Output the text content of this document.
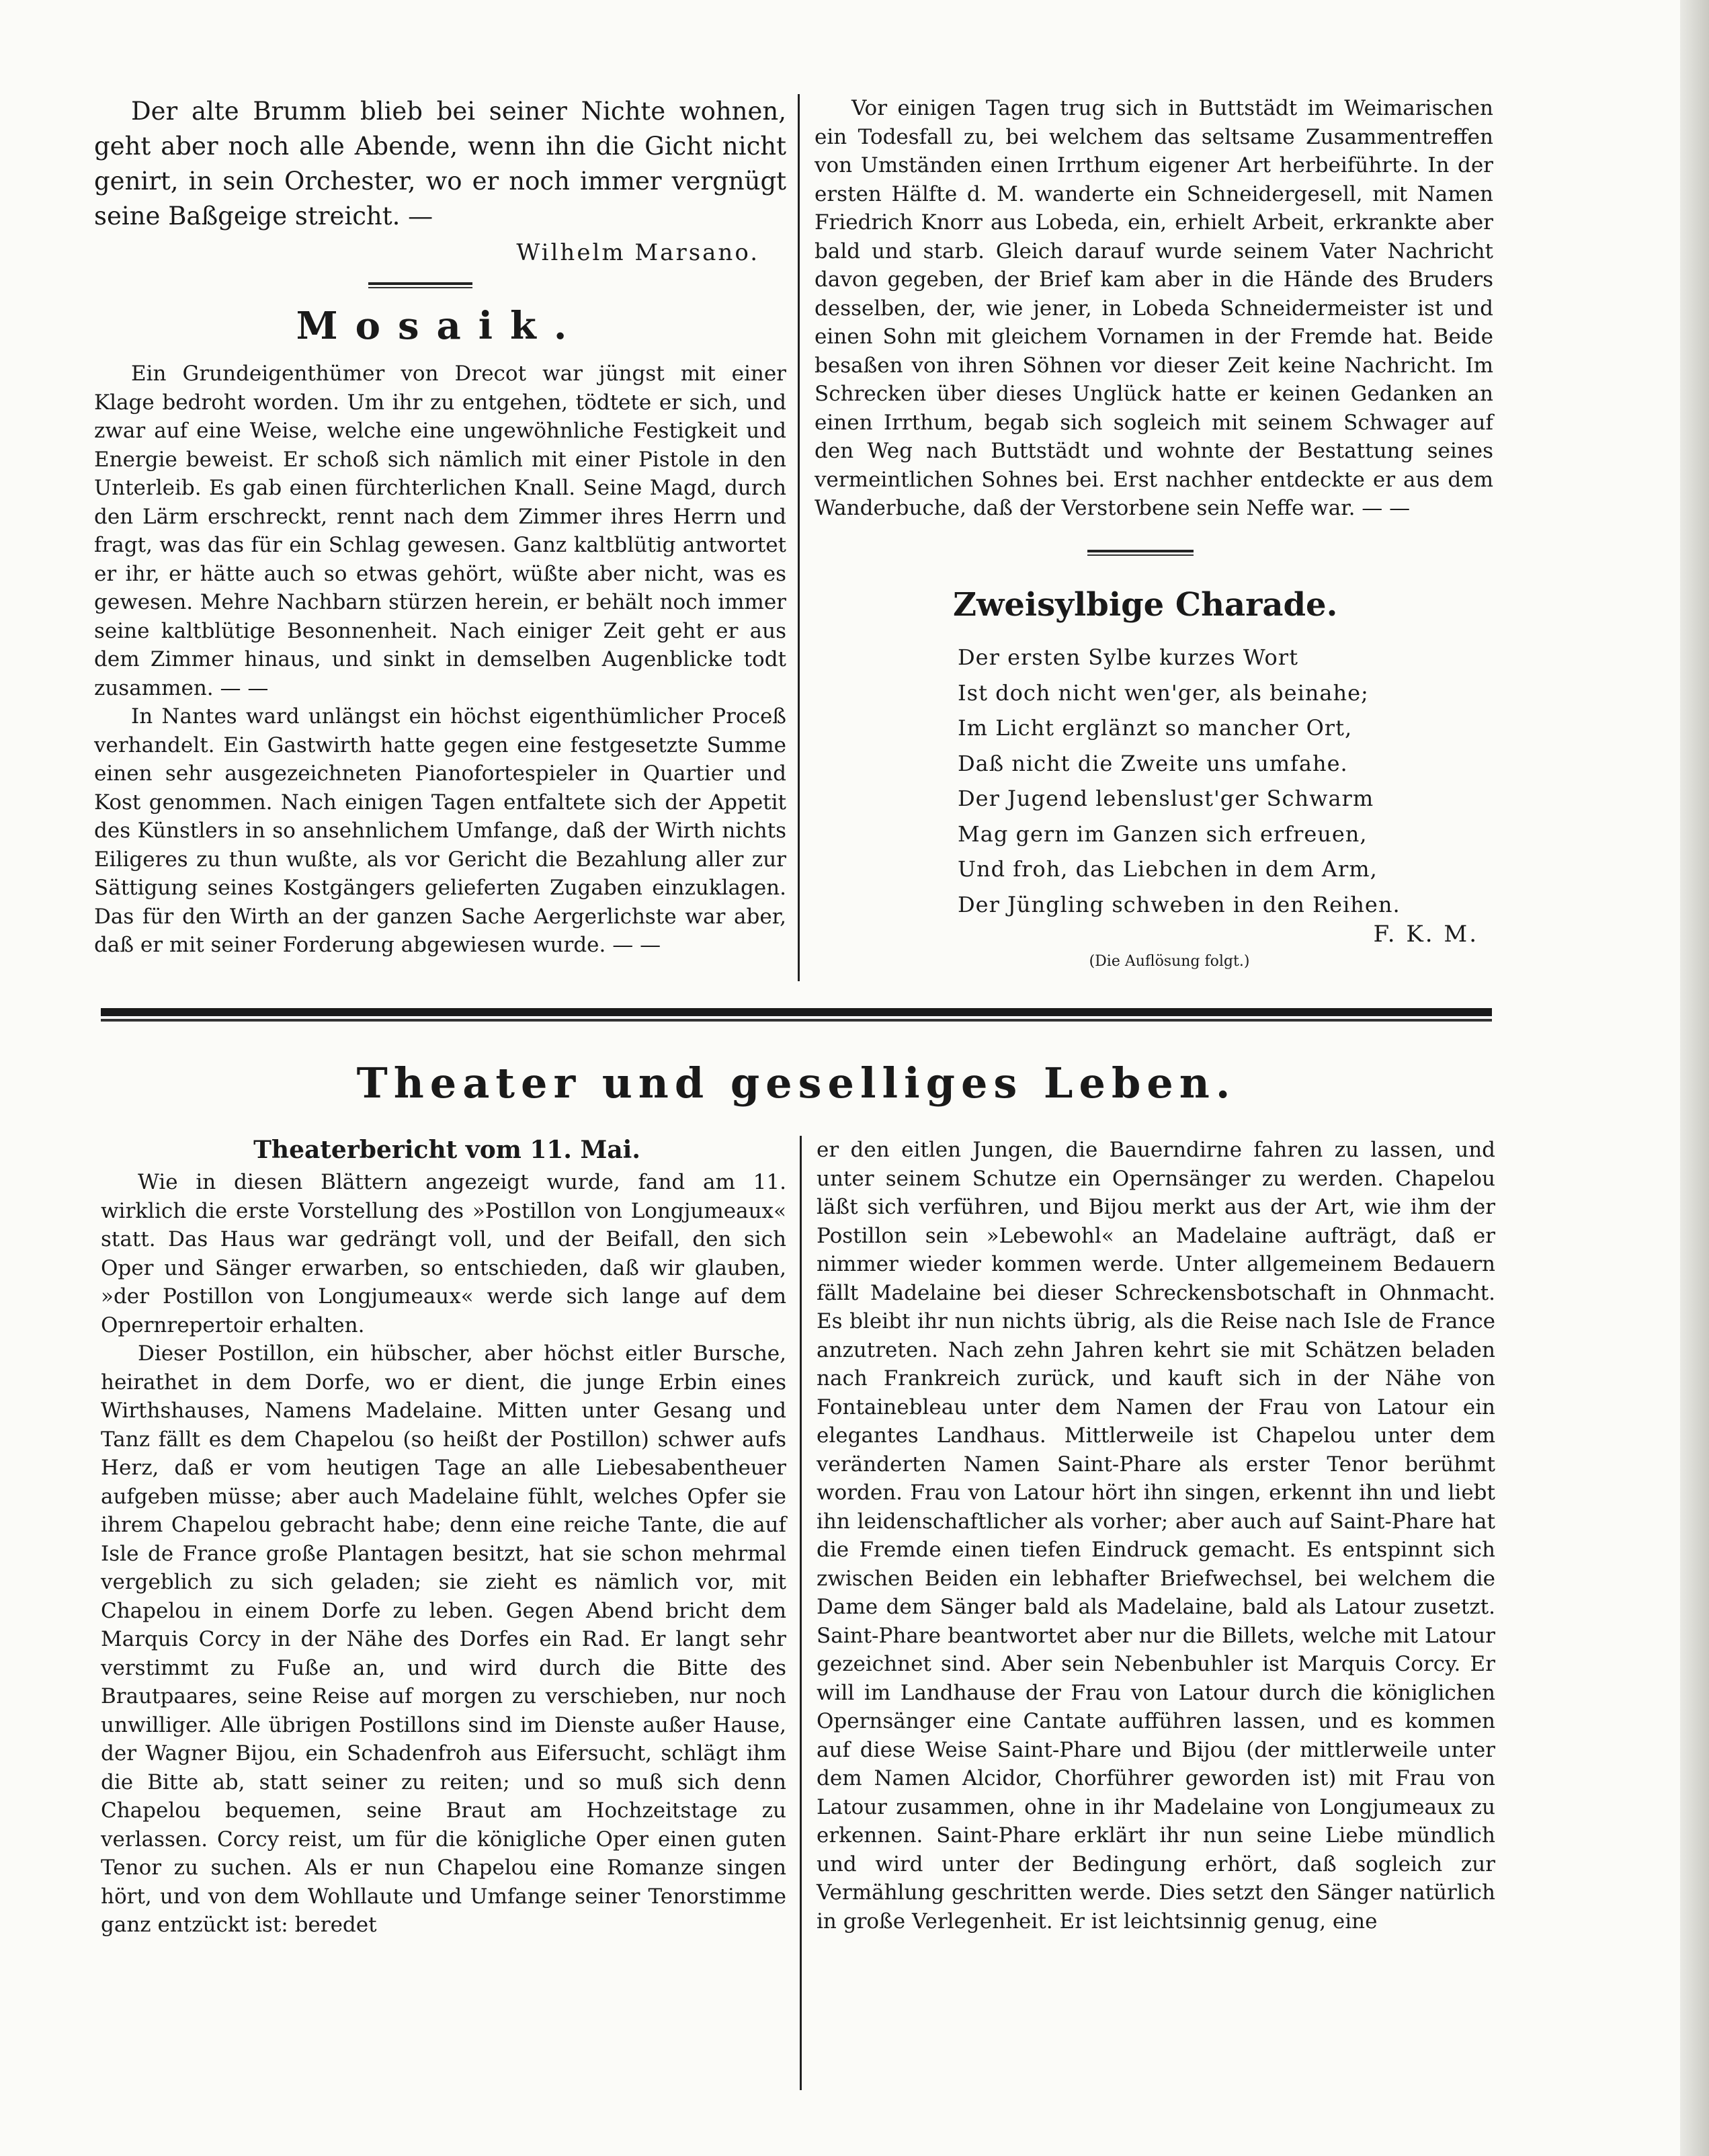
Der alte Brumm blieb bei seiner Nichte wohnen, geht aber noch alle Abende, wenn ihn die Gicht nicht genirt, in sein Orchester, wo er noch immer vergnügt seine Baßgeige streicht. —

Wilhelm Marsano.
Mosaik.

Ein Grundeigenthümer von Drecot war jüngst mit einer Klage bedroht worden. Um ihr zu entgehen, tödtete er sich, und zwar auf eine Weise, welche eine ungewöhnliche Festigkeit und Energie beweist. Er schoß sich nämlich mit einer Pistole in den Unterleib. Es gab einen fürchterlichen Knall. Seine Magd, durch den Lärm erschreckt, rennt nach dem Zimmer ihres Herrn und fragt, was das für ein Schlag gewesen. Ganz kaltblütig antwortet er ihr, er hätte auch so etwas gehört, wüßte aber nicht, was es gewesen. Mehre Nachbarn stürzen herein, er behält noch immer seine kaltblütige Besonnenheit. Nach einiger Zeit geht er aus dem Zimmer hinaus, und sinkt in demselben Augenblicke todt zusammen. — —

In Nantes ward unlängst ein höchst eigenthümlicher Proceß verhandelt. Ein Gastwirth hatte gegen eine festgesetzte Summe einen sehr ausgezeichneten Pianofortespieler in Quartier und Kost genommen. Nach einigen Tagen entfaltete sich der Appetit des Künstlers in so ansehnlichem Umfange, daß der Wirth nichts Eiligeres zu thun wußte, als vor Gericht die Bezahlung aller zur Sättigung seines Kostgängers gelieferten Zugaben einzuklagen. Das für den Wirth an der ganzen Sache Aergerlichste war aber, daß er mit seiner Forderung abgewiesen wurde. — —

Vor einigen Tagen trug sich in Buttstädt im Weimarischen ein Todesfall zu, bei welchem das seltsame Zusammentreffen von Umständen einen Irrthum eigener Art herbeiführte. In der ersten Hälfte d. M. wanderte ein Schneidergesell, mit Namen Friedrich Knorr aus Lobeda, ein, erhielt Arbeit, erkrankte aber bald und starb. Gleich darauf wurde seinem Vater Nachricht davon gegeben, der Brief kam aber in die Hände des Bruders desselben, der, wie jener, in Lobeda Schneidermeister ist und einen Sohn mit gleichem Vornamen in der Fremde hat. Beide besaßen von ihren Söhnen vor dieser Zeit keine Nachricht. Im Schrecken über dieses Unglück hatte er keinen Gedanken an einen Irrthum, begab sich sogleich mit seinem Schwager auf den Weg nach Buttstädt und wohnte der Bestattung seines vermeintlichen Sohnes bei. Erst nachher entdeckte er aus dem Wanderbuche, daß der Verstorbene sein Neffe war. — —

Zweisylbige Charade.

Der ersten Sylbe kurzes Wort

Ist doch nicht wen'ger, als beinahe;

Im Licht erglänzt so mancher Ort,

Daß nicht die Zweite uns umfahe.

Der Jugend lebenslust'ger Schwarm

Mag gern im Ganzen sich erfreuen,

Und froh, das Liebchen in dem Arm,

Der Jüngling schweben in den Reihen.

F. K. M.
(Die Auflösung folgt.)
Theater und geselliges Leben.
Theaterbericht vom 11. Mai.

Wie in diesen Blättern angezeigt wurde, fand am 11. wirklich die erste Vorstellung des »Postillon von Longjumeaux« statt. Das Haus war gedrängt voll, und der Beifall, den sich Oper und Sänger erwarben, so entschieden, daß wir glauben, »der Postillon von Longjumeaux« werde sich lange auf dem Opernrepertoir erhalten.

Dieser Postillon, ein hübscher, aber höchst eitler Bursche, heirathet in dem Dorfe, wo er dient, die junge Erbin eines Wirthshauses, Namens Madelaine. Mitten unter Gesang und Tanz fällt es dem Chapelou (so heißt der Postillon) schwer aufs Herz, daß er vom heutigen Tage an alle Liebesabentheuer aufgeben müsse; aber auch Madelaine fühlt, welches Opfer sie ihrem Chapelou gebracht habe; denn eine reiche Tante, die auf Isle de France große Plantagen besitzt, hat sie schon mehrmal vergeblich zu sich geladen; sie zieht es nämlich vor, mit Chapelou in einem Dorfe zu leben. Gegen Abend bricht dem Marquis Corcy in der Nähe des Dorfes ein Rad. Er langt sehr verstimmt zu Fuße an, und wird durch die Bitte des Brautpaares, seine Reise auf morgen zu verschieben, nur noch unwilliger. Alle übrigen Postillons sind im Dienste außer Hause, der Wagner Bijou, ein Schadenfroh aus Eifersucht, schlägt ihm die Bitte ab, statt seiner zu reiten; und so muß sich denn Chapelou bequemen, seine Braut am Hochzeitstage zu verlassen. Corcy reist, um für die königliche Oper einen guten Tenor zu suchen. Als er nun Chapelou eine Romanze singen hört, und von dem Wohllaute und Umfange seiner Tenorstimme ganz entzückt ist: beredet

er den eitlen Jungen, die Bauerndirne fahren zu lassen, und unter seinem Schutze ein Opernsänger zu werden. Chapelou läßt sich verführen, und Bijou merkt aus der Art, wie ihm der Postillon sein »Lebewohl« an Madelaine aufträgt, daß er nimmer wieder kommen werde. Unter allgemeinem Bedauern fällt Madelaine bei dieser Schreckensbotschaft in Ohnmacht. Es bleibt ihr nun nichts übrig, als die Reise nach Isle de France anzutreten. Nach zehn Jahren kehrt sie mit Schätzen beladen nach Frankreich zurück, und kauft sich in der Nähe von Fontainebleau unter dem Namen der Frau von Latour ein elegantes Landhaus. Mittlerweile ist Chapelou unter dem veränderten Namen Saint-Phare als erster Tenor berühmt worden. Frau von Latour hört ihn singen, erkennt ihn und liebt ihn leidenschaftlicher als vorher; aber auch auf Saint-Phare hat die Fremde einen tiefen Eindruck gemacht. Es entspinnt sich zwischen Beiden ein lebhafter Briefwechsel, bei welchem die Dame dem Sänger bald als Madelaine, bald als Latour zusetzt. Saint-Phare beantwortet aber nur die Billets, welche mit Latour gezeichnet sind. Aber sein Nebenbuhler ist Marquis Corcy. Er will im Landhause der Frau von Latour durch die königlichen Opernsänger eine Cantate aufführen lassen, und es kommen auf diese Weise Saint-Phare und Bijou (der mittlerweile unter dem Namen Alcidor, Chorführer geworden ist) mit Frau von Latour zusammen, ohne in ihr Madelaine von Longjumeaux zu erkennen. Saint-Phare erklärt ihr nun seine Liebe mündlich und wird unter der Bedingung erhört, daß sogleich zur Vermählung geschritten werde. Dies setzt den Sänger natürlich in große Verlegenheit. Er ist leichtsinnig genug, eine
